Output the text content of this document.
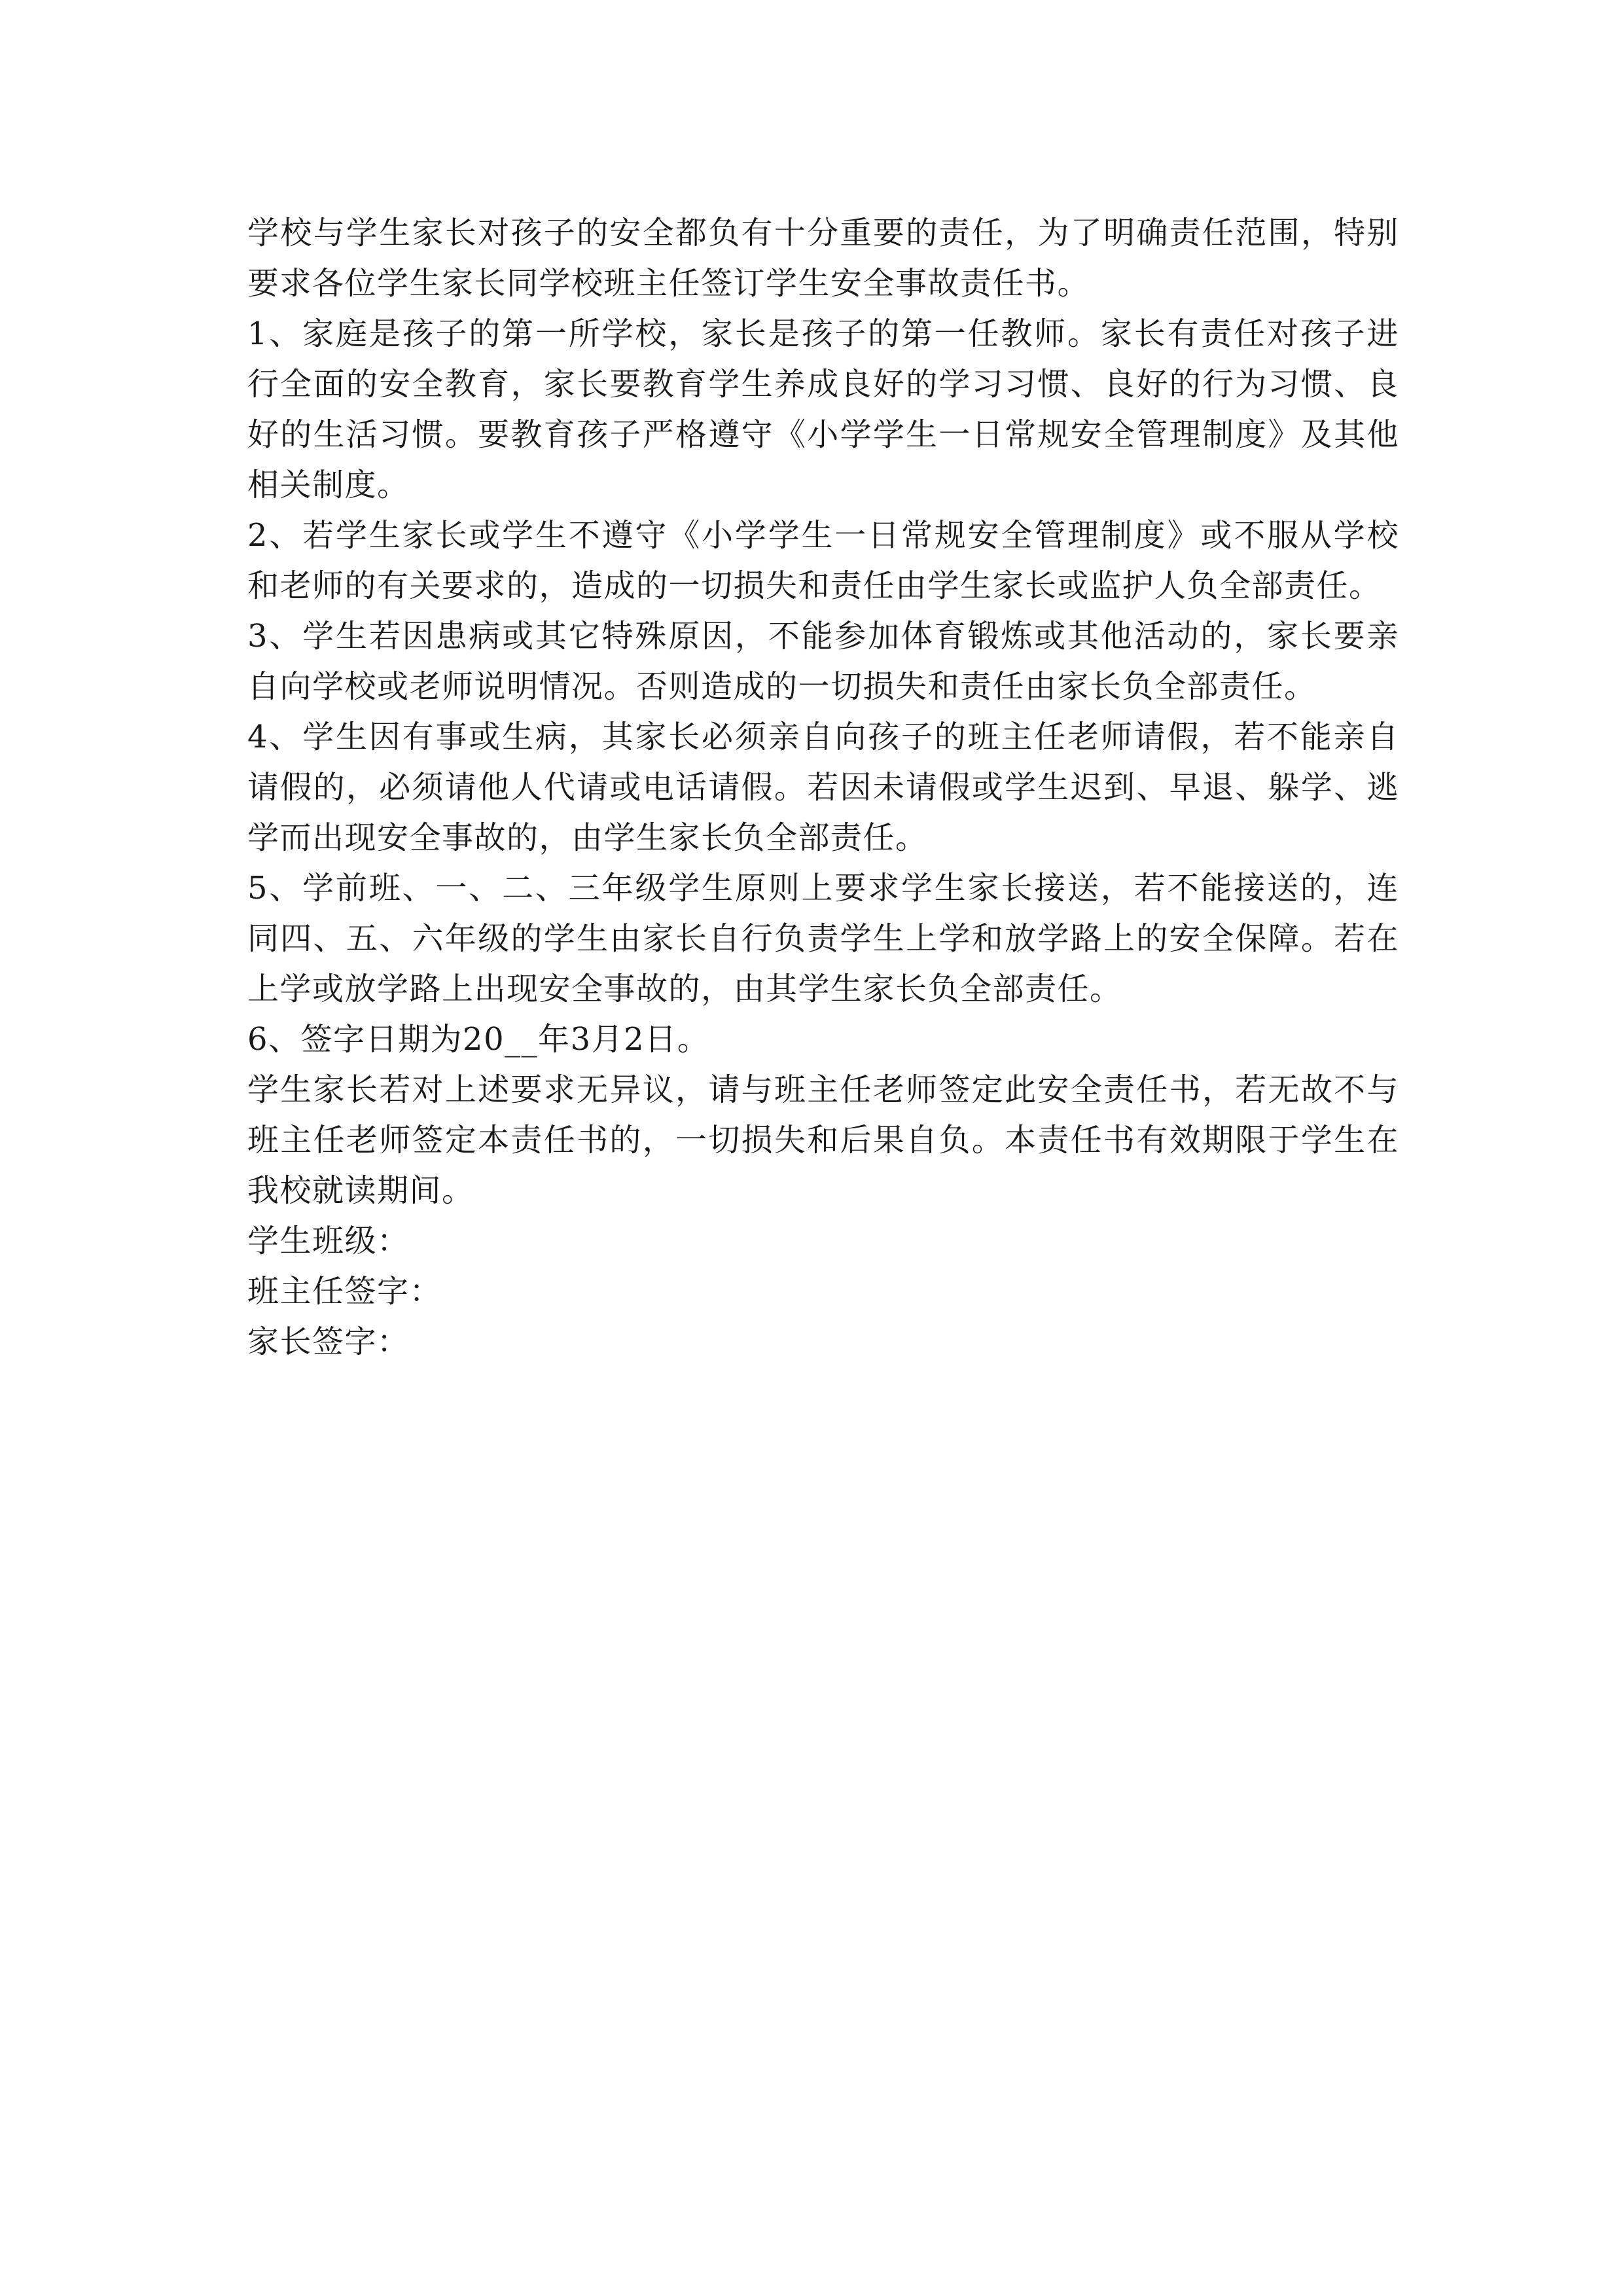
学校与学生家长对孩子的安全都负有十分重要的责任，为了明确责任范围，特别要求各位学生家长同学校班主任签订学生安全事故责任书。

1、家庭是孩子的第一所学校，家长是孩子的第一任教师。家长有责任对孩子进行全面的安全教育，家长要教育学生养成良好的学习习惯、良好的行为习惯、良好的生活习惯。要教育孩子严格遵守《小学学生一日常规安全管理制度》及其他相关制度。

2、若学生家长或学生不遵守《小学学生一日常规安全管理制度》或不服从学校和老师的有关要求的，造成的一切损失和责任由学生家长或监护人负全部责任。

3、学生若因患病或其它特殊原因，不能参加体育锻炼或其他活动的，家长要亲自向学校或老师说明情况。否则造成的一切损失和责任由家长负全部责任。

4、学生因有事或生病，其家长必须亲自向孩子的班主任老师请假，若不能亲自请假的，必须请他人代请或电话请假。若因未请假或学生迟到、早退、躲学、逃学而出现安全事故的，由学生家长负全部责任。

5、学前班、一、二、三年级学生原则上要求学生家长接送，若不能接送的，连同四、五、六年级的学生由家长自行负责学生上学和放学路上的安全保障。若在上学或放学路上出现安全事故的，由其学生家长负全部责任。

6、签字日期为20__年3月2日。

学生家长若对上述要求无异议，请与班主任老师签定此安全责任书，若无故不与班主任老师签定本责任书的，一切损失和后果自负。本责任书有效期限于学生在我校就读期间。

学生班级：

班主任签字：

家长签字：
